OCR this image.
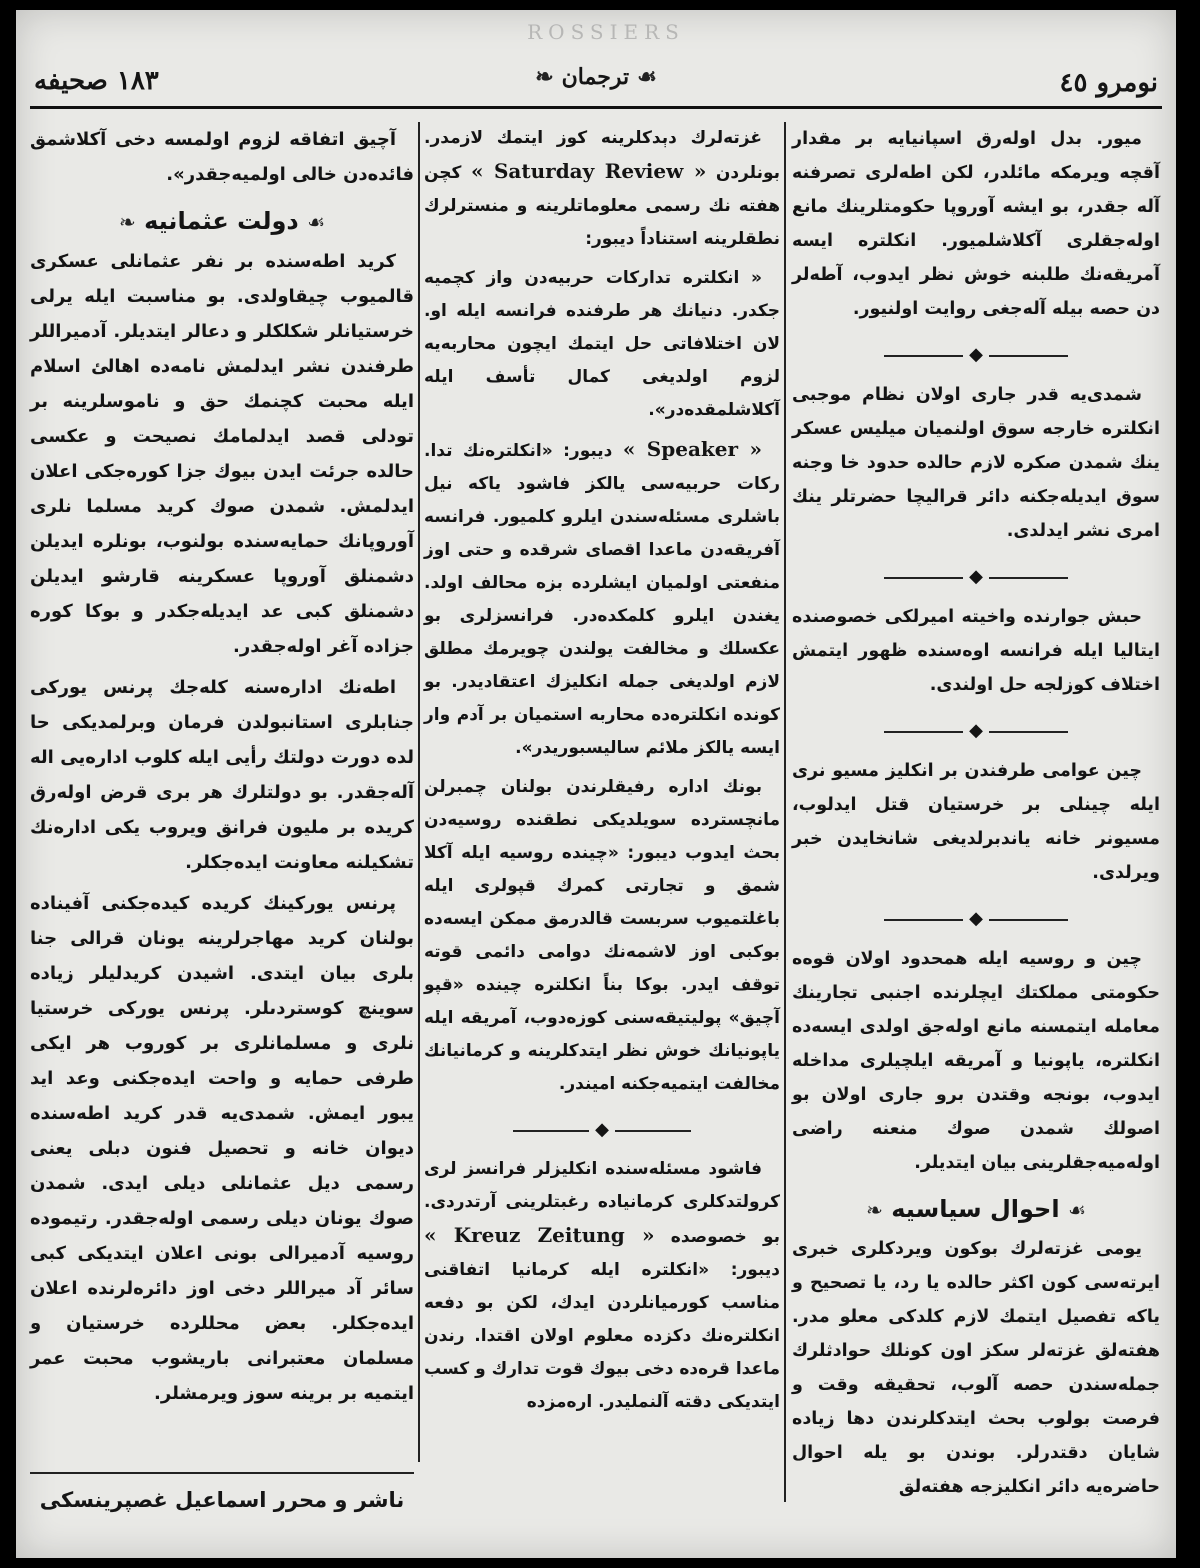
ROSSIERS
نومرو ٤٥
☙
ترجمان
❧
١٨٣ صحيفه

ميور. بدل اولەرق اسپانيايه بر مقدار آقچه ويرمكه مائلدر، لكن اطەلرى تصرفنه آله جقدر، بو ايشه آوروپا حكومتلرينك مانع اولەجقلرى آكلاشلميور. انكلتره ايسه آمريقەنك طلبنه خوش نظر ايدوب، آطەلر دن حصه بيله آلەجغى روايت اولنيور.

◆

شمدى‌يه قدر جارى اولان نظام موجبى انكلتره خارجه سوق اولنميان ميليس عسكر ينك شمدن صكره لازم حالده حدود خا وجنه سوق ايديلەجكنه دائر قراليچا حضرتلر ينك امرى نشر ايدلدى.

◆

حبش جوارنده واخيته اميرلكى خصوصنده ايتاليا ايله فرانسه اوەسنده ظهور ايتمش اختلاف كوزلجه حل اولندى.

◆

چين عوامى طرفندن بر انكليز مسيو نرى ايله چينلى بر خرستيان قتل ايدلوب، مسيونر خانه ياندبرلديغى شانخايدن خبر ويرلدى.

◆

چين و روسيه ايله همحدود اولان قوەه حكومتى مملكتك ايچلرنده اجنبى تجارينك معامله ايتمسنه مانع اولەجق اولدى ايسەده انكلتره، ياپونيا و آمريقه ايلچيلرى مداخله ايدوب، بونجه وقتدن برو جارى اولان بو اصولك شمدن صوك منعنه راضى اولەميەجقلرينى بيان ايتديلر.

☙ احوال سياسيه ❧

يومى غزتەلرك بوكون ويردكلرى خبرى ايرتەسى كون اكثر حالده يا رد، يا تصحيح و ياكه تفصيل ايتمك لازم كلدكى معلو مدر. هفتەلق غزتەلر سكز اون كونلك حوادثلرك جملەسندن حصه آلوب، تحقيقه وقت و فرصت بولوب بحث ايتدكلرندن دها زياده شايان دقتدرلر. بوندن بو يله احوال حاضرەيه دائر انكليزجه هفتەلق

غزتەلرك دېدكلرينه كوز ايتمك لازمدر. بونلردن « Saturday Review » كچن هفته نك رسمى معلوماتلرينه و منسترلرك نطقلرينه استناداً ديبور:

« انكلتره تداركات حربيەدن واز كچميه جكدر. دنيانك هر طرفنده فرانسه ايله او. لان اختلافاتى حل ايتمك ايچون محاربەيه لزوم اولديغى كمال تأسف ايله آكلاشلمقدەدر».

« Speaker » ديبور: «انكلترەنك تدا. ركات حربيەسى يالكز فاشود ياكه نيل باشلرى مسئلەسندن ايلرو كلميور. فرانسه آفريقەدن ماعدا اقصاى شرقده و حتى اوز منفعتى اولميان ايشلرده بزه محالف اولد. يغندن ايلرو كلمكدەدر. فرانسزلرى بو عكسلك و مخالفت يولندن چويرمك مطلق لازم اولديغى جمله انكليزك اعتقاديدر. بو كونده انكلترەده محاربه استميان بر آدم وار ايسه يالكز ملائم ساليسبوريدر».

بونك اداره رفيقلرندن بولنان چمبرلن مانچسترده سويلديكى نطقنده روسيەدن بحث ايدوب ديبور: «چينده روسيه ايله آكلا شمق و تجارتى كمرك قپولرى ايله باغلتميوب سربست قالدرمق ممكن ايسەده بوكبى اوز لاشمەنك دوامى دائمى قوته توقف ايدر. بوكا بناً انكلتره چينده «قپو آچيق» پوليتيقەسنى كوزەدوب، آمريقه ايله ياپونيانك خوش نظر ايتدكلرينه و كرمانيانك مخالفت ايتميەجكنه اميندر.

◆

فاشود مسئلەسنده انكليزلر فرانسز لرى كرولتدكلرى كرمانياده رغبتلرينى آرتدردى. بو خصوصده « Kreuz Zeitung » ديبور: «انكلتره ايله كرمانيا اتفاقنى مناسب كورميانلردن ايدك، لكن بو دفعه انكلترەنك دكزده معلوم اولان اقتدا. رندن ماعدا قرەده دخى بيوك قوت تدارك و كسب ايتديكى دقته آلنمليدر. ارەمزده

آچيق اتفاقه لزوم اولمسه دخى آكلاشمق فائدەدن خالى اولميەجقدر».

☙ دولت عثمانيه ❧

كريد اطەسنده بر نفر عثمانلى عسكرى قالميوب چيقاولدى. بو مناسبت ايله يرلى خرستيانلر شكلكلر و دعالر ايتديلر. آدميراللر طرفندن نشر ايدلمش نامەده اهالئ اسلام ايله محبت كچنمك حق و ناموسلرينه بر تودلى قصد ايدلمامك نصيحت و عكسى حالده جرئت ايدن بيوك جزا كورەجكى اعلان ايدلمش. شمدن صوك كريد مسلما نلرى آوروپانك حمايەسنده بولنوب، بونلره ايديلن دشمنلق آوروپا عسكرينه قارشو ايديلن دشمنلق كبى عد ايديلەجكدر و بوكا كوره جزاده آغر اولەجقدر.

اطەنك ادارەسنه كلەجك پرنس يوركى جنابلرى استانبولدن فرمان وبرلمديكى حا لده دورت دولتك رأيى ايله كلوب ادارەيى اله آلەجقدر. بو دولتلرك هر برى قرض اولەرق كريده بر مليون فرانق ويروب يكى ادارەنك تشكيلنه معاونت ايدەجكلر.

پرنس يوركينك كريده كيدەجكنى آفيناده بولنان كريد مهاجرلرينه يونان قرالى جنا بلرى بيان ايتدى. اشيدن كريدليلر زياده سوينچ كوستردىلر. پرنس يوركى خرستيا نلرى و مسلمانلرى بر كوروب هر ايكى طرفى حمايه و واحت ايدەجكنى وعد ايد يبور ايمش. شمدى‌يه قدر كريد اطەسنده ديوان خانه و تحصيل فنون دبلى يعنى رسمى ديل عثمانلى ديلى ايدى. شمدن صوك يونان ديلى رسمى اولەجقدر. رتيموده روسيه آدميرالى بونى اعلان ايتديكى كبى سائر آد ميراللر دخى اوز دائرەلرنده اعلان ايدەجكلر. بعض محللرده خرستيان و مسلمان معتبرانى باريشوب محبت عمر ايتميه بر برينه سوز ويرمشلر.

ناشر و محرر اسماعيل غصپرينسكى
